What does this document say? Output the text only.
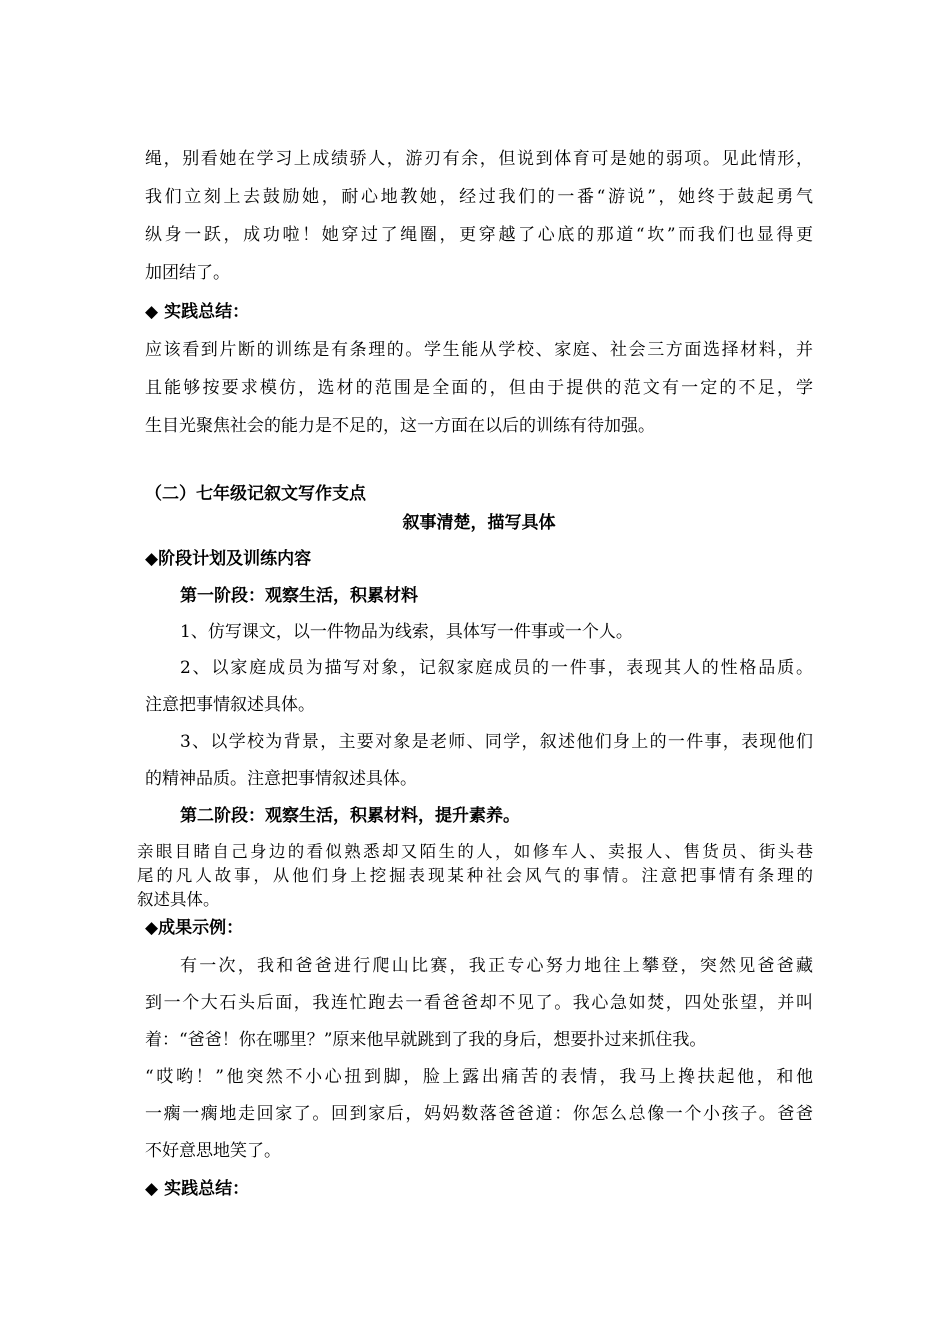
绳，别看她在学习上成绩骄人，游刃有余，但说到体育可是她的弱项。见此情形，
我们立刻上去鼓励她，耐心地教她，经过我们的一番“游说”，她终于鼓起勇气
纵身一跃，成功啦！她穿过了绳圈，更穿越了心底的那道“坎”而我们也显得更
加团结了。
◆ 实践总结：
应该看到片断的训练是有条理的。学生能从学校、家庭、社会三方面选择材料，并
且能够按要求模仿，选材的范围是全面的，但由于提供的范文有一定的不足，学
生目光聚焦社会的能力是不足的，这一方面在以后的训练有待加强。
（二）七年级记叙文写作支点
叙事清楚，描写具体
◆阶段计划及训练内容
第一阶段：观察生活，积累材料
1、仿写课文，以一件物品为线索，具体写一件事或一个人。
2、以家庭成员为描写对象，记叙家庭成员的一件事，表现其人的性格品质。
注意把事情叙述具体。
3、以学校为背景，主要对象是老师、同学，叙述他们身上的一件事，表现他们
的精神品质。注意把事情叙述具体。
第二阶段：观察生活，积累材料，提升素养。
亲眼目睹自己身边的看似熟悉却又陌生的人，如修车人、卖报人、售货员、街头巷
尾的凡人故事，从他们身上挖掘表现某种社会风气的事情。注意把事情有条理的
叙述具体。
◆成果示例：
有一次，我和爸爸进行爬山比赛，我正专心努力地往上攀登，突然见爸爸藏
到一个大石头后面，我连忙跑去一看爸爸却不见了。我心急如焚，四处张望，并叫
着：“爸爸！你在哪里？”原来他早就跳到了我的身后，想要扑过来抓住我。
“哎哟！”他突然不小心扭到脚，脸上露出痛苦的表情，我马上搀扶起他，和他
一瘸一瘸地走回家了。回到家后，妈妈数落爸爸道：你怎么总像一个小孩子。爸爸
不好意思地笑了。
◆ 实践总结：
